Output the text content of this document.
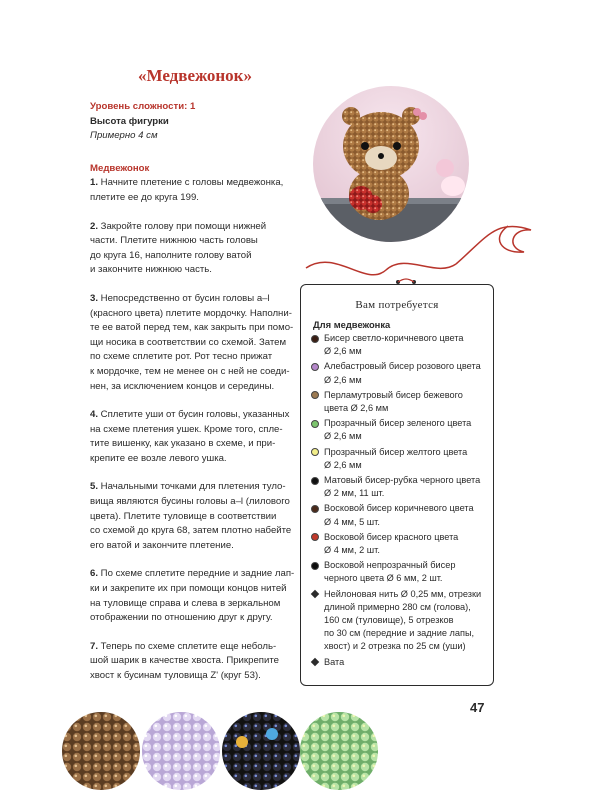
«Медвежонок»
Уровень сложности: 1
Высота фигурки
Примерно 4 см
Медвежонок
1. Начните плетение с головы медвежонка,
плетите ее до круга 199.
2. Закройте голову при помощи нижней
части. Плетите нижнюю часть головы
до круга 16, наполните голову ватой
и закончите нижнюю часть.
3. Непосредственно от бусин головы a–l
(красного цвета) плетите мордочку. Наполни-
те ее ватой перед тем, как закрыть при помо-
щи носика в соответствии со схемой. Затем
по схеме сплетите рот. Рот тесно прижат
к мордочке, тем не менее он с ней не соеди-
нен, за исключением концов и середины.
4. Сплетите уши от бусин головы, указанных
на схеме плетения ушек. Кроме того, спле-
тите вишенку, как указано в схеме, и при-
крепите ее возле левого ушка.
5. Начальными точками для плетения туло-
вища являются бусины головы a–l (лилового
цвета). Плетите туловище в соответствии
со схемой до круга 68, затем плотно набейте
его ватой и закончите плетение.
6. По схеме сплетите передние и задние лап-
ки и закрепите их при помощи концов нитей
на туловище справа и слева в зеркальном
отображении по отношению друг к другу.
7. Теперь по схеме сплетите еще неболь-
шой шарик в качестве хвоста. Прикрепите
хвост к бусинам туловища Z' (круг 53).
Вам потребуется
Для медвежонка
Бисер светло-коричневого цвета
Ø 2,6 мм
Алебастровый бисер розового цвета
Ø 2,6 мм
Перламутровый бисер бежевого
цвета Ø 2,6 мм
Прозрачный бисер зеленого цвета
Ø 2,6 мм
Прозрачный бисер желтого цвета
Ø 2,6 мм
Матовый бисер-рубка черного цвета
Ø 2 мм, 11 шт.
Восковой бисер коричневого цвета
Ø 4 мм, 5 шт.
Восковой бисер красного цвета
Ø 4 мм, 2 шт.
Восковой непрозрачный бисер
черного цвета Ø 6 мм, 2 шт.
Нейлоновая нить Ø 0,25 мм, отрезки
длиной примерно 280 см (голова),
160 см (туловище), 5 отрезков
по 30 см (передние и задние лапы,
хвост) и 2 отрезка по 25 см (уши)
Вата
47
